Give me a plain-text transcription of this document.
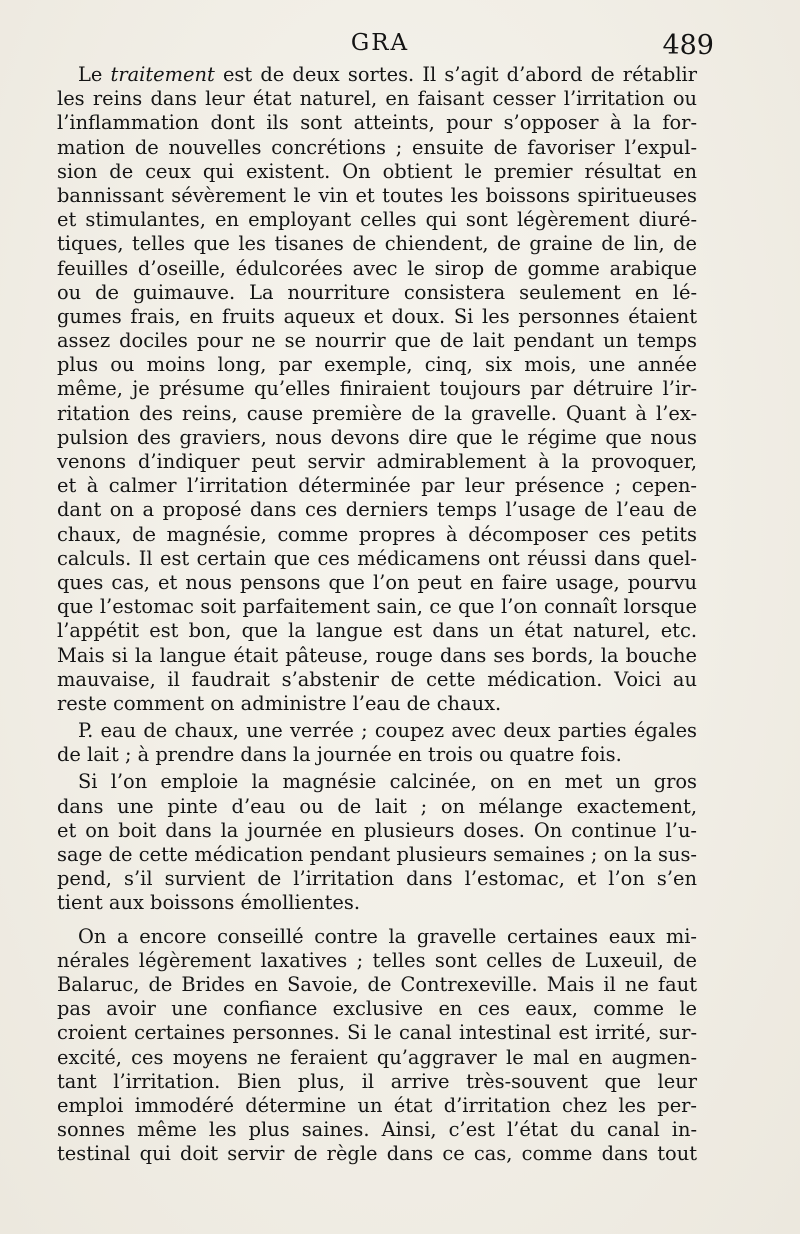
GRA	489
Le traitement est de deux sortes. Il s’agit d’abord de rétablir
les reins dans leur état naturel, en faisant cesser l’irritation ou
l’inflammation dont ils sont atteints, pour s’opposer à la for-
mation de nouvelles concrétions ; ensuite de favoriser l’expul-
sion de ceux qui existent. On obtient le premier résultat en
bannissant sévèrement le vin et toutes les boissons spiritueuses
et stimulantes, en employant celles qui sont légèrement diuré-
tiques, telles que les tisanes de chiendent, de graine de lin, de
feuilles d’oseille, édulcorées avec le sirop de gomme arabique
ou de guimauve. La nourriture consistera seulement en lé-
gumes frais, en fruits aqueux et doux. Si les personnes étaient
assez dociles pour ne se nourrir que de lait pendant un temps
plus ou moins long, par exemple, cinq, six mois, une année
même, je présume qu’elles finiraient toujours par détruire l’ir-
ritation des reins, cause première de la gravelle. Quant à l’ex-
pulsion des graviers, nous devons dire que le régime que nous
venons d’indiquer peut servir admirablement à la provoquer,
et à calmer l’irritation déterminée par leur présence ; cepen-
dant on a proposé dans ces derniers temps l’usage de l’eau de
chaux, de magnésie, comme propres à décomposer ces petits
calculs. Il est certain que ces médicamens ont réussi dans quel-
ques cas, et nous pensons que l’on peut en faire usage, pourvu
que l’estomac soit parfaitement sain, ce que l’on connaît lorsque
l’appétit est bon, que la langue est dans un état naturel, etc.
Mais si la langue était pâteuse, rouge dans ses bords, la bouche
mauvaise, il faudrait s’abstenir de cette médication. Voici au
reste comment on administre l’eau de chaux.
P. eau de chaux, une verrée ; coupez avec deux parties égales
de lait ; à prendre dans la journée en trois ou quatre fois.
Si l’on emploie la magnésie calcinée, on en met un gros
dans une pinte d’eau ou de lait ; on mélange exactement,
et on boit dans la journée en plusieurs doses. On continue l’u-
sage de cette médication pendant plusieurs semaines ; on la sus-
pend, s’il survient de l’irritation dans l’estomac, et l’on s’en
tient aux boissons émollientes.
On a encore conseillé contre la gravelle certaines eaux mi-
nérales légèrement laxatives ; telles sont celles de Luxeuil, de
Balaruc, de Brides en Savoie, de Contrexeville. Mais il ne faut
pas avoir une confiance exclusive en ces eaux, comme le
croient certaines personnes. Si le canal intestinal est irrité, sur-
excité, ces moyens ne feraient qu’aggraver le mal en augmen-
tant l’irritation. Bien plus, il arrive très-souvent que leur
emploi immodéré détermine un état d’irritation chez les per-
sonnes même les plus saines. Ainsi, c’est l’état du canal in-
testinal qui doit servir de règle dans ce cas, comme dans tout
